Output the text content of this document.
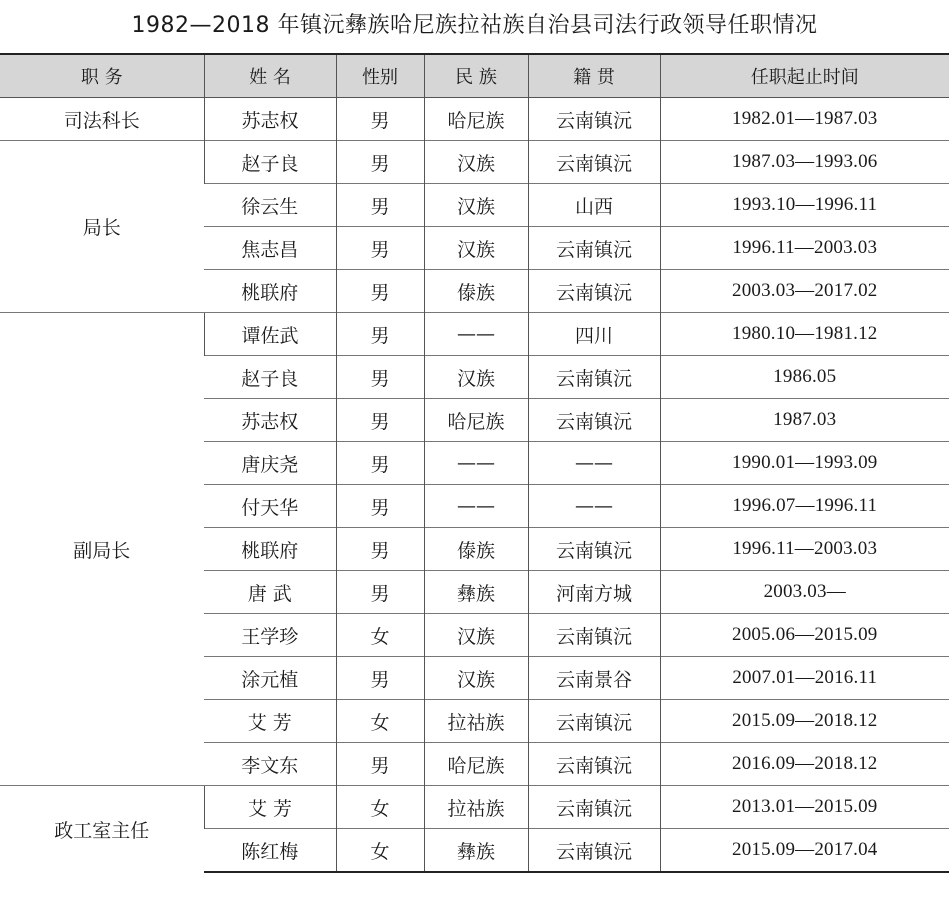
1982—2018 年镇沅彝族哈尼族拉祜族自治县司法行政领导任职情况
职 务	姓 名	性别	民 族	籍 贯	任职起止时间
司法科长	苏志权	男	哈尼族	云南镇沅	1982.01—1987.03
局长	赵子良	男	汉族	云南镇沅	1987.03—1993.06
	徐云生	男	汉族	山西	1993.10—1996.11
	焦志昌	男	汉族	云南镇沅	1996.11—2003.03
	桃联府	男	傣族	云南镇沅	2003.03—2017.02
副局长	谭佐武	男	——	四川	1980.10—1981.12
	赵子良	男	汉族	云南镇沅	1986.05
	苏志权	男	哈尼族	云南镇沅	1987.03
	唐庆尧	男	——	——	1990.01—1993.09
	付天华	男	——	——	1996.07—1996.11
	桃联府	男	傣族	云南镇沅	1996.11—2003.03
	唐 武	男	彝族	河南方城	2003.03—
	王学珍	女	汉族	云南镇沅	2005.06—2015.09
	涂元植	男	汉族	云南景谷	2007.01—2016.11
	艾 芳	女	拉祜族	云南镇沅	2015.09—2018.12
	李文东	男	哈尼族	云南镇沅	2016.09—2018.12
政工室主任	艾 芳	女	拉祜族	云南镇沅	2013.01—2015.09
	陈红梅	女	彝族	云南镇沅	2015.09—2017.04
